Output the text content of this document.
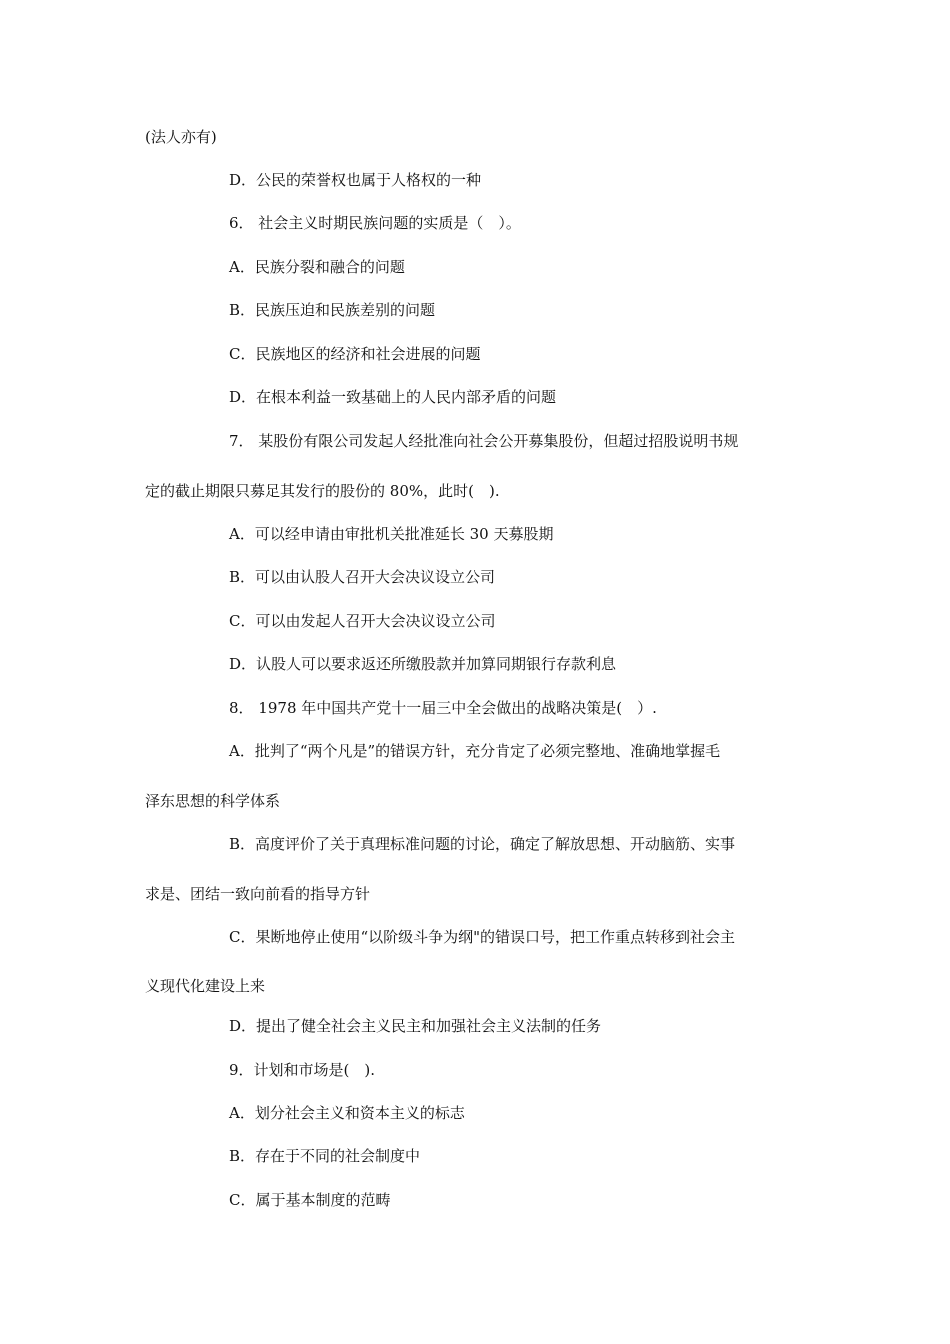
(法人亦有)
D．公民的荣誉权也属于人格权的一种
6． 社会主义时期民族问题的实质是（　）。
A．民族分裂和融合的问题
B．民族压迫和民族差别的问题
C．民族地区的经济和社会进展的问题
D．在根本利益一致基础上的人民内部矛盾的问题
7． 某股份有限公司发起人经批准向社会公开募集股份，但超过招股说明书规
定的截止期限只募足其发行的股份的 80%，此时(　).
A．可以经申请由审批机关批准延长 30 天募股期
B．可以由认股人召开大会决议设立公司
C．可以由发起人召开大会决议设立公司
D．认股人可以要求返还所缴股款并加算同期银行存款利息
8． 1978 年中国共产党十一届三中全会做出的战略决策是(　）.
A．批判了“两个凡是”的错误方针，充分肯定了必须完整地、准确地掌握毛
泽东思想的科学体系
B．高度评价了关于真理标准问题的讨论，确定了解放思想、开动脑筋、实事
求是、团结一致向前看的指导方针
C．果断地停止使用“以阶级斗争为纲"的错误口号，把工作重点转移到社会主
义现代化建设上来
D．提出了健全社会主义民主和加强社会主义法制的任务
9．计划和市场是(　).
A．划分社会主义和资本主义的标志
B．存在于不同的社会制度中
C．属于基本制度的范畴
